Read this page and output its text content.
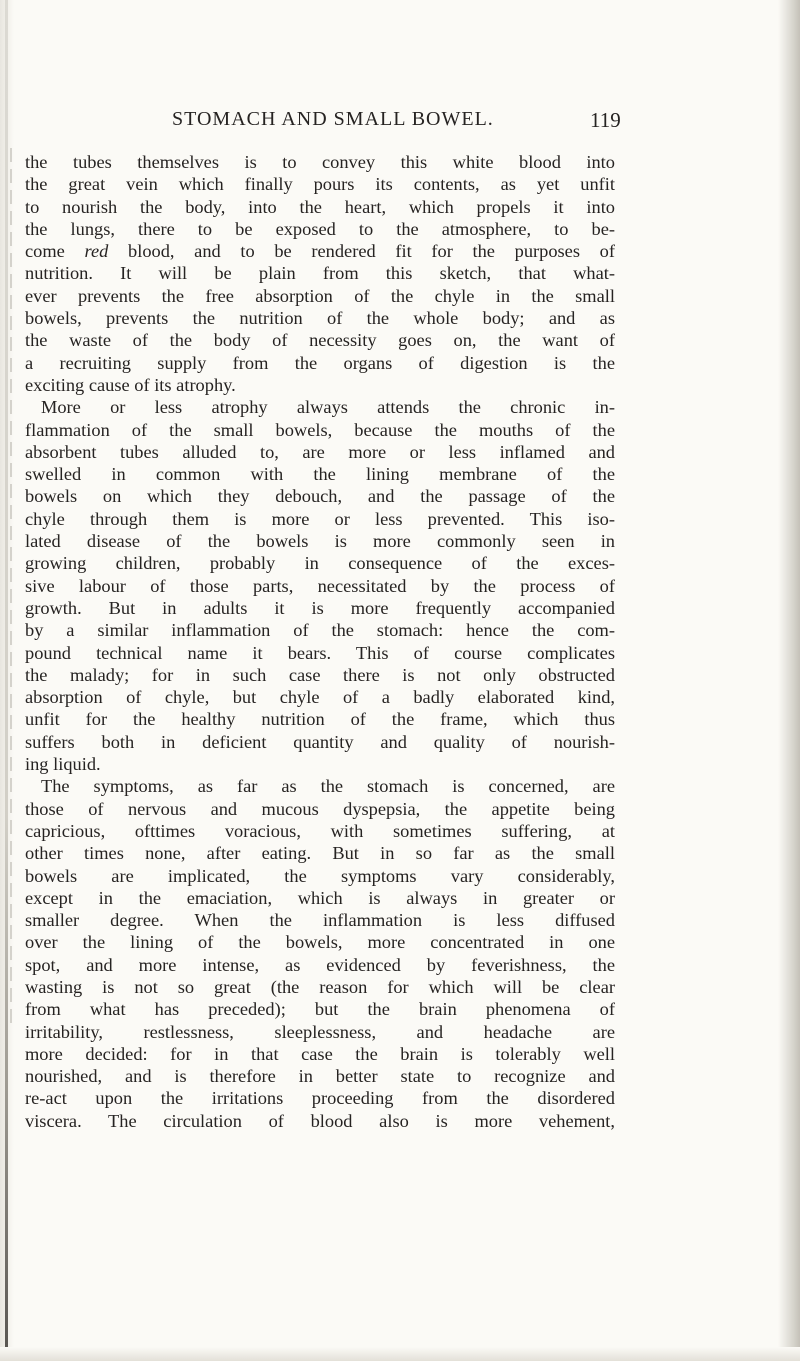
STOMACH AND SMALL BOWEL.	119
the tubes themselves is to convey this white blood into
the great vein which finally pours its contents, as yet unfit
to nourish the body, into the heart, which propels it into
the lungs, there to be exposed to the atmosphere, to be-
come red blood, and to be rendered fit for the purposes of
nutrition. It will be plain from this sketch, that what-
ever prevents the free absorption of the chyle in the small
bowels, prevents the nutrition of the whole body; and as
the waste of the body of necessity goes on, the want of
a recruiting supply from the organs of digestion is the
exciting cause of its atrophy.
More or less atrophy always attends the chronic in-
flammation of the small bowels, because the mouths of the
absorbent tubes alluded to, are more or less inflamed and
swelled in common with the lining membrane of the
bowels on which they debouch, and the passage of the
chyle through them is more or less prevented. This iso-
lated disease of the bowels is more commonly seen in
growing children, probably in consequence of the exces-
sive labour of those parts, necessitated by the process of
growth. But in adults it is more frequently accompanied
by a similar inflammation of the stomach: hence the com-
pound technical name it bears. This of course complicates
the malady; for in such case there is not only obstructed
absorption of chyle, but chyle of a badly elaborated kind,
unfit for the healthy nutrition of the frame, which thus
suffers both in deficient quantity and quality of nourish-
ing liquid.
The symptoms, as far as the stomach is concerned, are
those of nervous and mucous dyspepsia, the appetite being
capricious, ofttimes voracious, with sometimes suffering, at
other times none, after eating. But in so far as the small
bowels are implicated, the symptoms vary considerably,
except in the emaciation, which is always in greater or
smaller degree. When the inflammation is less diffused
over the lining of the bowels, more concentrated in one
spot, and more intense, as evidenced by feverishness, the
wasting is not so great (the reason for which will be clear
from what has preceded); but the brain phenomena of
irritability, restlessness, sleeplessness, and headache are
more decided: for in that case the brain is tolerably well
nourished, and is therefore in better state to recognize and
re-act upon the irritations proceeding from the disordered
viscera. The circulation of blood also is more vehement,
